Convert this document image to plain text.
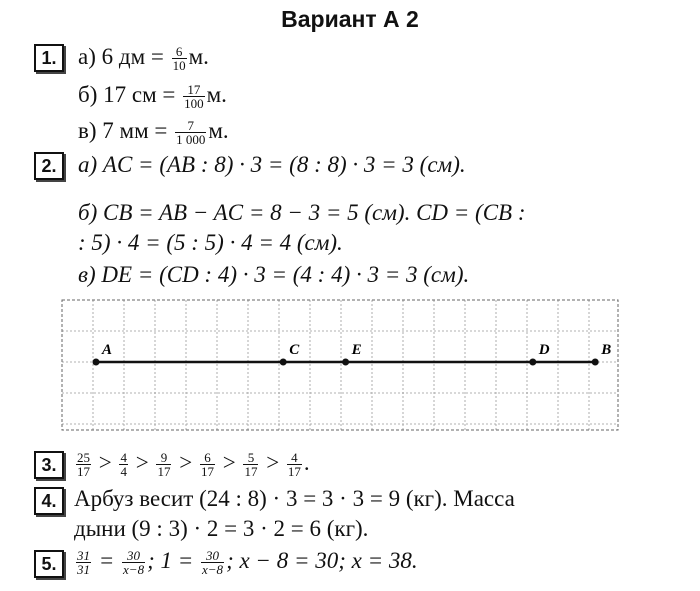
Вариант А 2
1. а) 6 дм = $\frac{6}{10} м$.
б) 17 см = $\frac{17}{100} м$.
в) 7 мм = $\frac{7}{1 000} м$.
2. а) AC = (AB : 8) · 3 = (8 : 8) · 3 = 3 (см).
б) CB = AB − AC = 8 − 3 = 5 (см). CD = (CB :
: 5) · 4 = (5 : 5) · 4 = 4 (см).
в) DE = (CD : 4) · 3 = (4 : 4) · 3 = 3 (см).
A	C	E	D	B
3.	$\frac{25}{17} > \frac{4}{4} > \frac{9}{17} > \frac{6}{17} > \frac{5}{17} > \frac{4}{17}$ .
4. Арбуз весит (24 : 8) · 3 = 3 · 3 = 9 (кг). Масса
дыни (9 : 3) · 2 = 3 · 2 = 6 (кг).
5.	$\frac{31}{31} = \frac{30}{x-8}$ ; $1 = \frac{30}{x-8}$ ; x − 8 = 30; x = 38.
